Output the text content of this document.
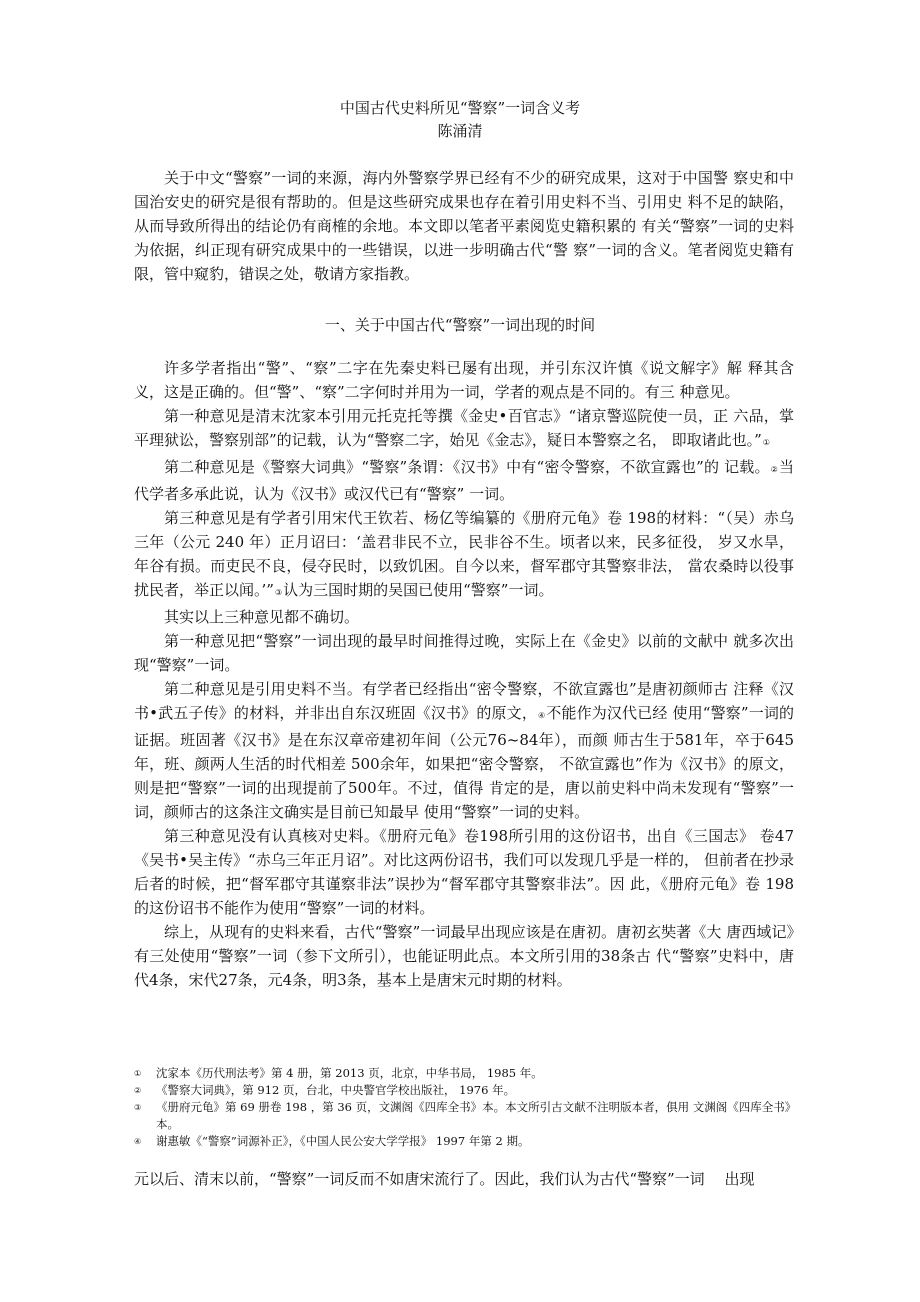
中国古代史料所见“警察”一词含义考
陈涌清

关于中文“警察”一词的来源，海内外警察学界已经有不少的研究成果，这对于中国警 察史和中国治安史的研究是很有帮助的。但是这些研究成果也存在着引用史料不当、引用史 料不足的缺陷，从而导致所得出的结论仍有商榷的余地。本文即以笔者平素阅览史籍积累的 有关“警察”一词的史料为依据，纠正现有研究成果中的一些错误，以进一步明确古代“警 察”一词的含义。笔者阅览史籍有限，管中窥豹，错误之处，敬请方家指教。

一、关于中国古代“警察”一词出现的时间

许多学者指出“警”、“察”二字在先秦史料已屡有出现，并引东汉许慎《说文解字》解 释其含义，这是正确的。但“警”、“察”二字何时并用为一词，学者的观点是不同的。有三 种意见。

第一种意见是清末沈家本引用元托克托等撰《金史•百官志》“诸京警巡院使一员，正 六品，掌平理狱讼，警察别部”的记载，认为“警察二字，始见《金志》，疑日本警察之名， 即取诸此也。”①

第二种意见是《警察大词典》“警察”条谓：《汉书》中有“密令警察，不欲宣露也”的 记载。②当代学者多承此说，认为《汉书》或汉代已有“警察” 一词。

第三种意见是有学者引用宋代王钦若、杨亿等编纂的《册府元龟》卷 198的材料：“（吴）赤乌三年（公元 240 年）正月诏曰：‘盖君非民不立，民非谷不生。顷者以来，民多征役， 岁又水旱，年谷有损。而吏民不良，侵夺民时，以致饥困。自今以来，督军郡守其警察非法， 當农桑時以役事扰民者，举正以闻。’”③认为三国时期的吴国已使用“警察”一词。

其实以上三种意见都不确切。

第一种意见把“警察”一词出现的最早时间推得过晚，实际上在《金史》以前的文献中 就多次出现“警察”一词。

第二种意见是引用史料不当。有学者已经指出“密令警察，不欲宣露也”是唐初颜师古 注释《汉书•武五子传》的材料，并非出自东汉班固《汉书》的原文，④不能作为汉代已经 使用“警察”一词的证据。班固著《汉书》是在东汉章帝建初年间（公元76~84年），而颜 师古生于581年，卒于645年，班、颜两人生活的时代相差 500余年，如果把“密令警察， 不欲宣露也”作为《汉书》的原文，则是把“警察”一词的出现提前了500年。不过，值得 肯定的是，唐以前史料中尚未发现有“警察”一词，颜师古的这条注文确实是目前已知最早 使用“警察”一词的史料。

第三种意见没有认真核对史料。《册府元龟》卷198所引用的这份诏书，出自《三国志》 卷47《吴书•吴主传》“赤乌三年正月诏”。对比这两份诏书，我们可以发现几乎是一样的， 但前者在抄录后者的时候，把“督军郡守其谨察非法”误抄为“督军郡守其警察非法”。因 此，《册府元龟》卷 198 的这份诏书不能作为使用“警察”一词的材料。

综上，从现有的史料来看，古代“警察”一词最早出现应该是在唐初。唐初玄奘著《大 唐西域记》有三处使用“警察”一词（参下文所引），也能证明此点。本文所引用的38条古 代“警察”史料中，唐代4条，宋代27条，元4条，明3条，基本上是唐宋元时期的材料。

① 沈家本《历代刑法考》第 4 册，第 2013 页，北京，中华书局， 1985 年。

② 《警察大词典》，第 912 页，台北，中央警官学校出版社， 1976 年。

③ 《册府元龟》第 69 册卷 198 ，第 36 页，文渊阁《四库全书》本。本文所引古文献不注明版本者，俱用 文渊阁《四库全书》本。

④ 谢惠敏《“警察”词源补正》，《中国人民公安大学学报》 1997 年第 2 期。

元以后、清末以前，“警察”一词反而不如唐宋流行了。因此，我们认为古代“警察”一词　 出现
